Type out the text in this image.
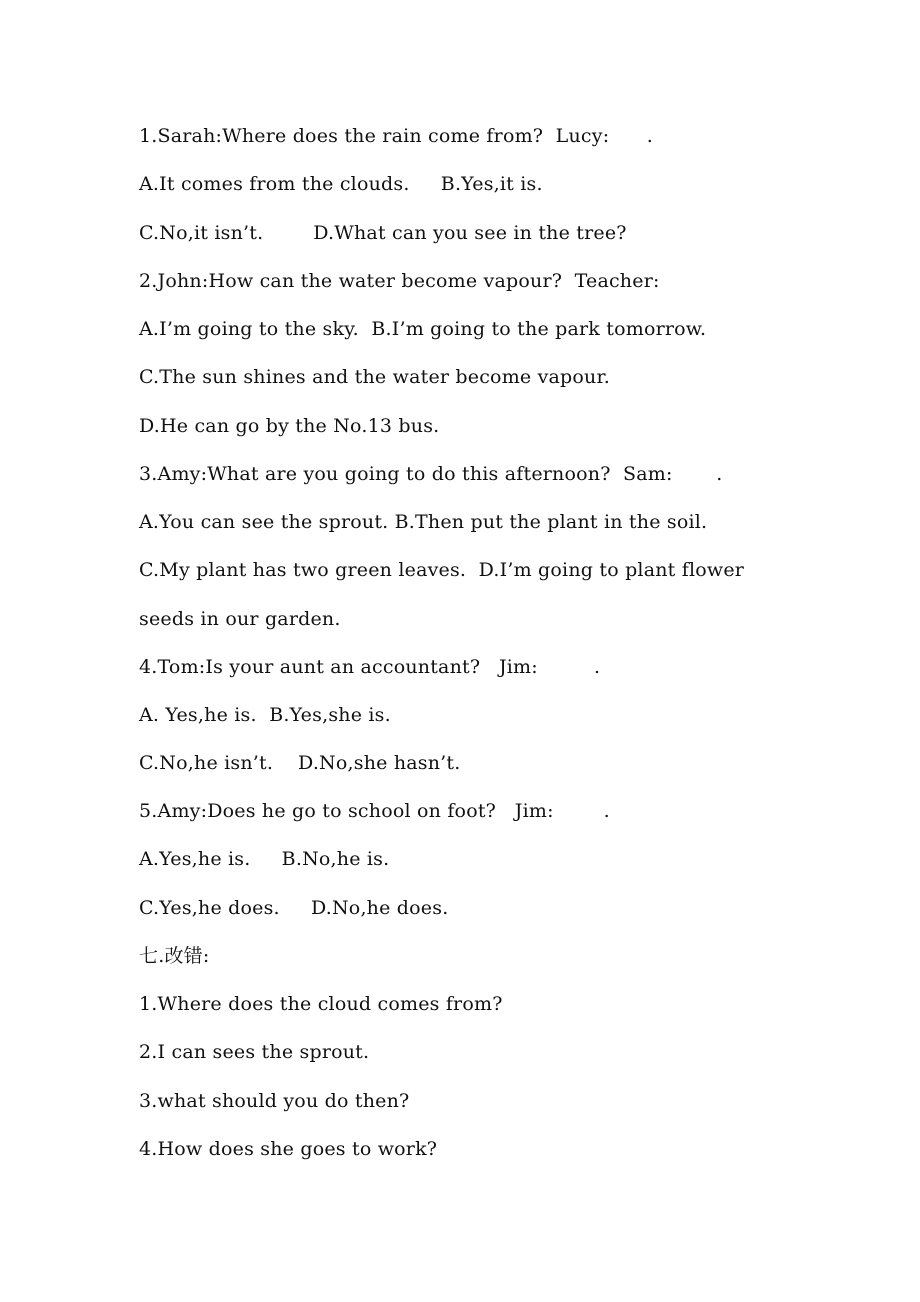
1.Sarah:Where does the rain come from?  Lucy:      .
A.It comes from the clouds.     B.Yes,it is.
C.No,it isn’t.        D.What can you see in the tree?
2.John:How can the water become vapour?  Teacher:
A.I’m going to the sky.  B.I’m going to the park tomorrow.
C.The sun shines and the water become vapour.
D.He can go by the No.13 bus.
3.Amy:What are you going to do this afternoon?  Sam:       .
A.You can see the sprout. B.Then put the plant in the soil.
C.My plant has two green leaves.  D.I’m going to plant flower
seeds in our garden.
4.Tom:Is your aunt an accountant?   Jim:         .
A. Yes,he is.  B.Yes,she is.
C.No,he isn’t.    D.No,she hasn’t.
5.Amy:Does he go to school on foot?   Jim:        .
A.Yes,he is.     B.No,he is.
C.Yes,he does.     D.No,he does.
七.改错:
1.Where does the cloud comes from?
2.I can sees the sprout.
3.what should you do then?
4.How does she goes to work?
